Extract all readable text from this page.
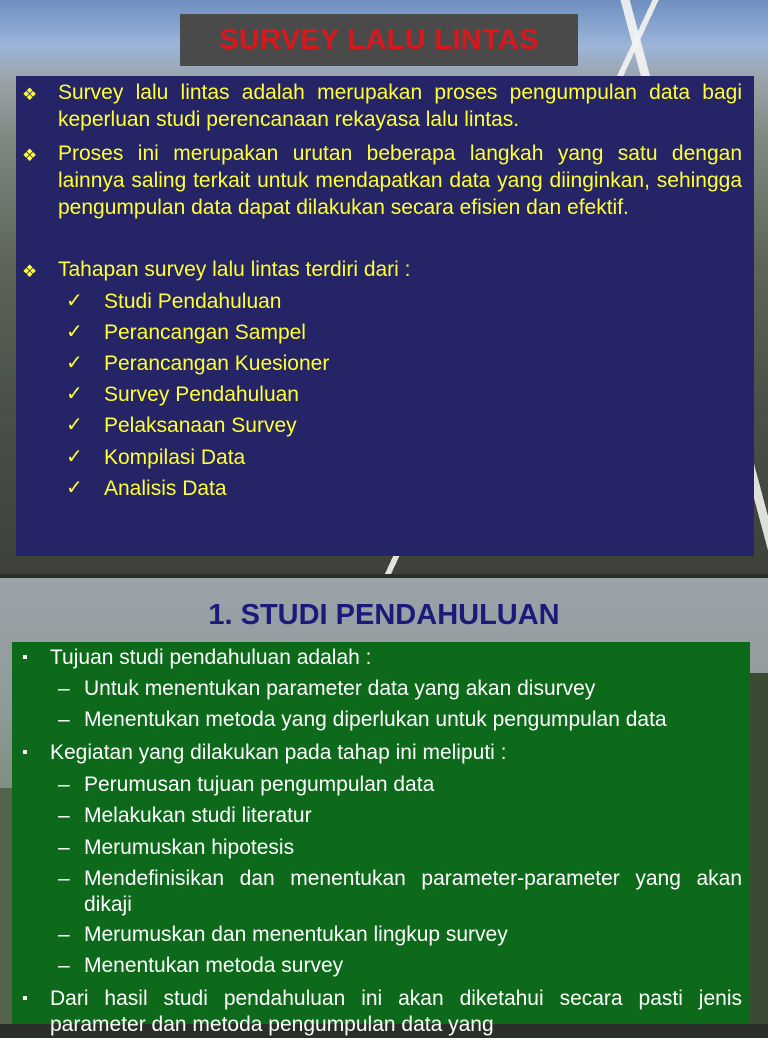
SURVEY LALU LINTAS
❖ Survey lalu lintas adalah merupakan proses pengumpulan data bagi keperluan studi perencanaan rekayasa lalu lintas.
❖ Proses ini merupakan urutan beberapa langkah yang satu dengan lainnya saling terkait untuk mendapatkan data yang diinginkan, sehingga pengumpulan data dapat dilakukan secara efisien dan efektif.
❖ Tahapan survey lalu lintas terdiri dari :
✓ Studi Pendahuluan
✓ Perancangan Sampel
✓ Perancangan Kuesioner
✓ Survey Pendahuluan
✓ Pelaksanaan Survey
✓ Kompilasi Data
✓ Analisis Data
1. STUDI PENDAHULUAN
▪ Tujuan studi pendahuluan adalah :
– Untuk menentukan parameter data yang akan disurvey
– Menentukan metoda yang diperlukan untuk pengumpulan data
▪ Kegiatan yang dilakukan pada tahap ini meliputi :
– Perumusan tujuan pengumpulan data
– Melakukan studi literatur
– Merumuskan hipotesis
– Mendefinisikan dan menentukan parameter-parameter yang akan dikaji
– Merumuskan dan menentukan lingkup survey
– Menentukan metoda survey
▪ Dari hasil studi pendahuluan ini akan diketahui secara pasti jenis parameter dan metoda pengumpulan data yang
